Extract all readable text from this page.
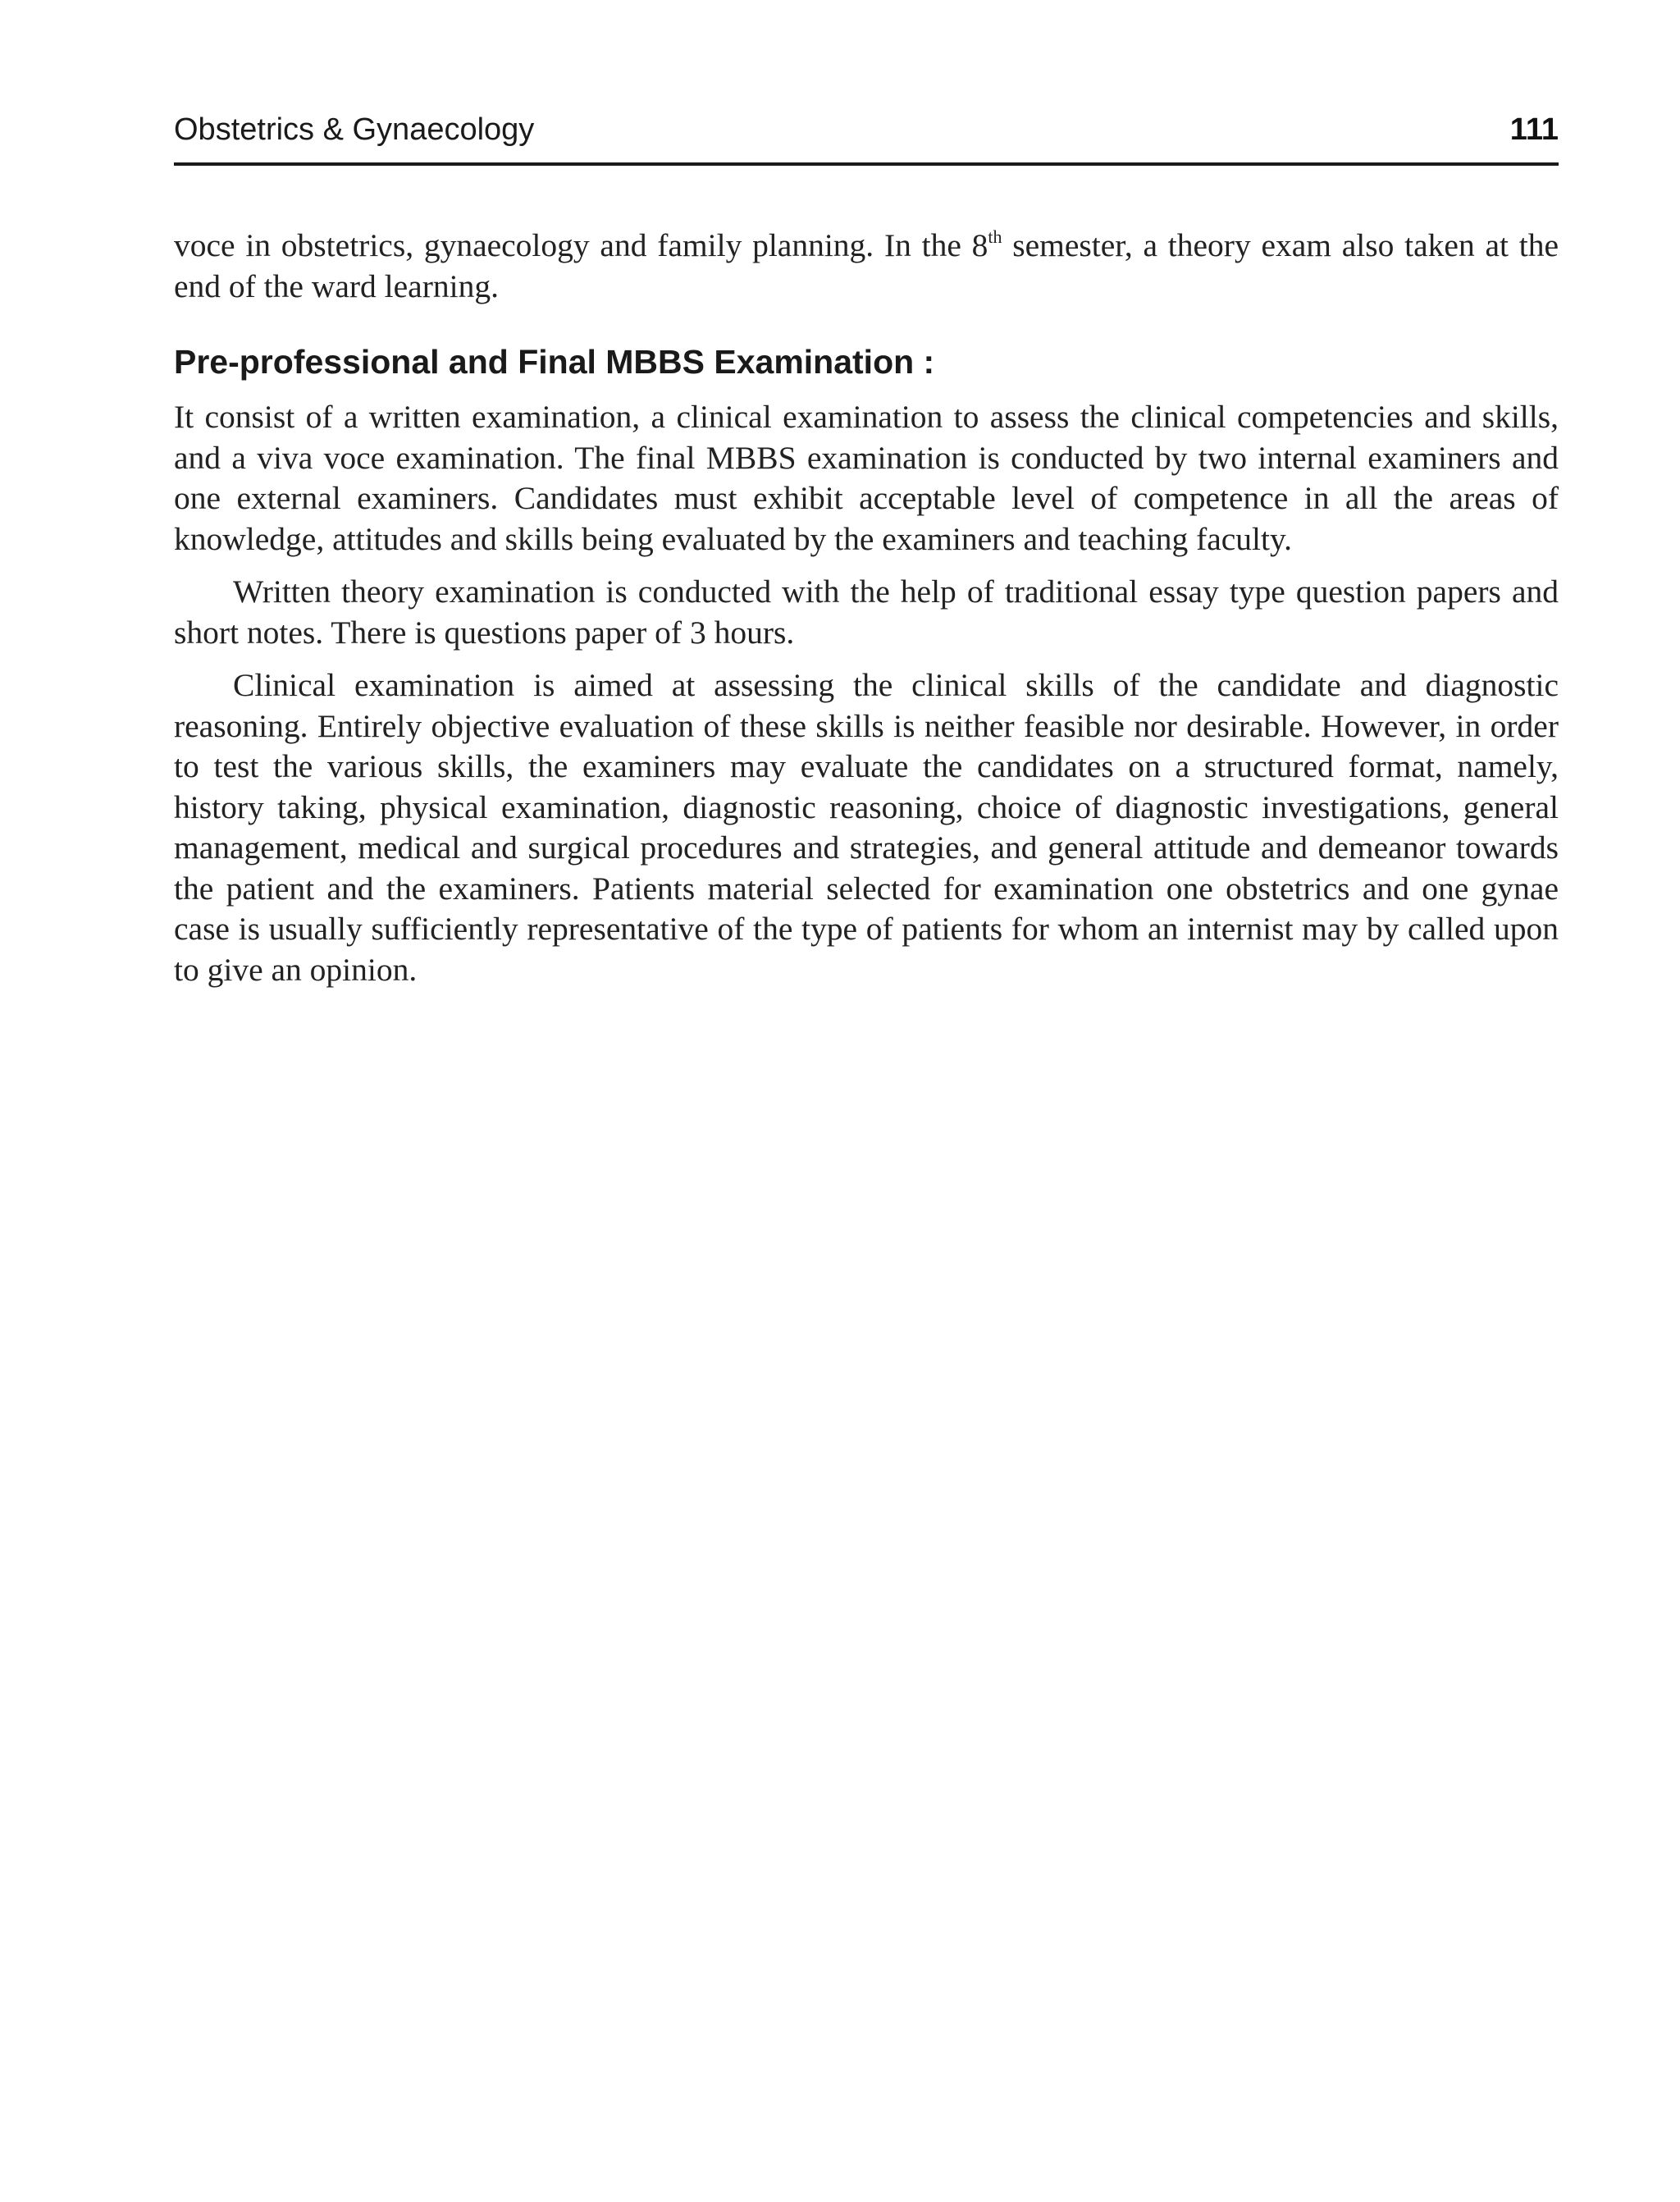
Obstetrics & Gynaecology	111

voce in obstetrics, gynaecology and family planning. In the 8th semester, a theory exam also taken at the end of the ward learning.

Pre-professional and Final MBBS Examination :

It consist of a written examination, a clinical examination to assess the clinical competencies and skills, and a viva voce examination. The final MBBS examination is conducted by two internal examiners and one external examiners. Candidates must exhibit acceptable level of competence in all the areas of knowledge, attitudes and skills being evaluated by the examiners and teaching faculty.

Written theory examination is conducted with the help of traditional essay type question papers and short notes. There is questions paper of 3 hours.

Clinical examination is aimed at assessing the clinical skills of the candidate and diagnostic reasoning. Entirely objective evaluation of these skills is neither feasible nor desirable. However, in order to test the various skills, the examiners may evaluate the candidates on a structured format, namely, history taking, physical examination, diagnostic reasoning, choice of diagnostic investigations, general management, medical and surgical procedures and strategies, and general attitude and demeanor towards the patient and the examiners. Patients material selected for examination one obstetrics and one gynae case is usually sufficiently representative of the type of patients for whom an internist may by called upon to give an opinion.
